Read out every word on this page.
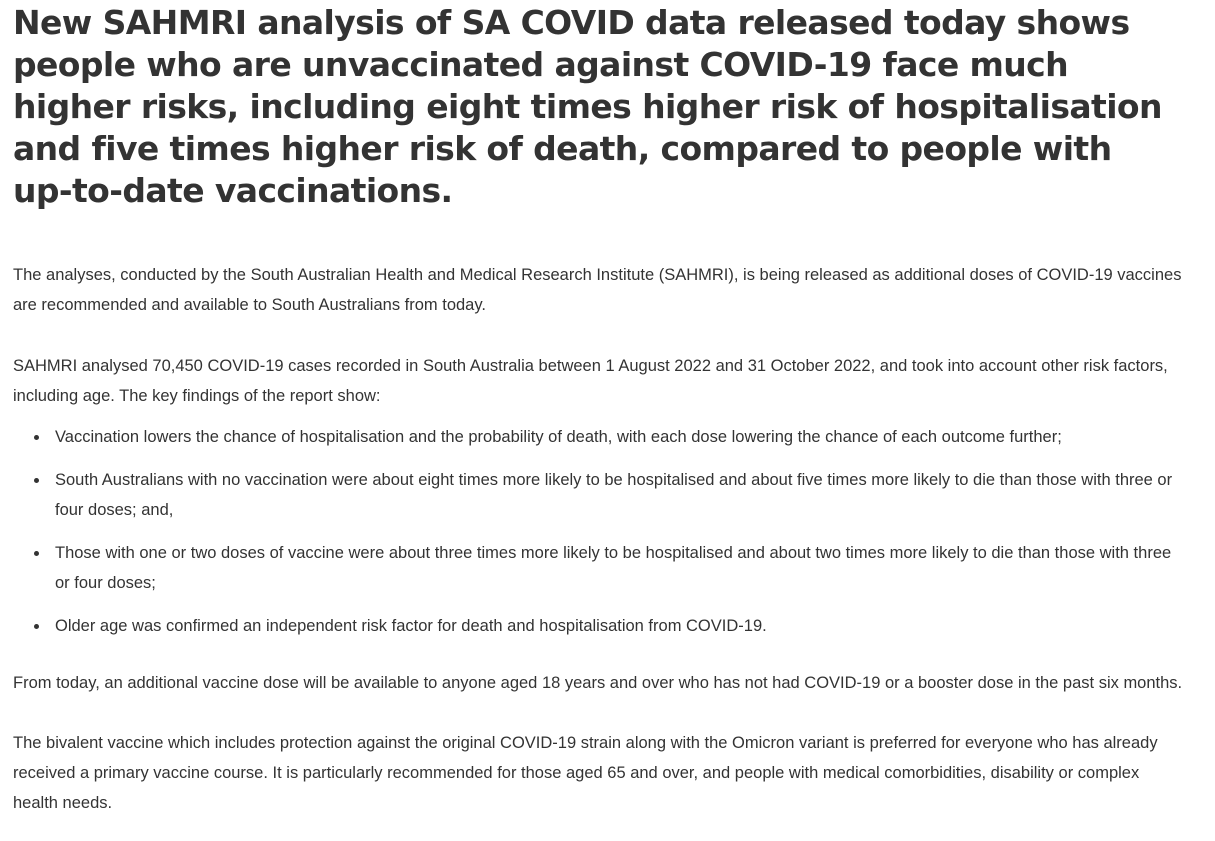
New SAHMRI analysis of SA COVID data released today shows people who are unvaccinated against COVID-19 face much higher risks, including eight times higher risk of hospitalisation and five times higher risk of death, compared to people with up-to-date vaccinations.

The analyses, conducted by the South Australian Health and Medical Research Institute (SAHMRI), is being released as additional doses of COVID-19 vaccines are recommended and available to South Australians from today.

SAHMRI analysed 70,450 COVID-19 cases recorded in South Australia between 1 August 2022 and 31 October 2022, and took into account other risk factors, including age. The key findings of the report show:

Vaccination lowers the chance of hospitalisation and the probability of death, with each dose lowering the chance of each outcome further;
South Australians with no vaccination were about eight times more likely to be hospitalised and about five times more likely to die than those with three or four doses; and,
Those with one or two doses of vaccine were about three times more likely to be hospitalised and about two times more likely to die than those with three or four doses;
Older age was confirmed an independent risk factor for death and hospitalisation from COVID-19.

From today, an additional vaccine dose will be available to anyone aged 18 years and over who has not had COVID-19 or a booster dose in the past six months.

The bivalent vaccine which includes protection against the original COVID-19 strain along with the Omicron variant is preferred for everyone who has already received a primary vaccine course. It is particularly recommended for those aged 65 and over, and people with medical comorbidities, disability or complex health needs.
